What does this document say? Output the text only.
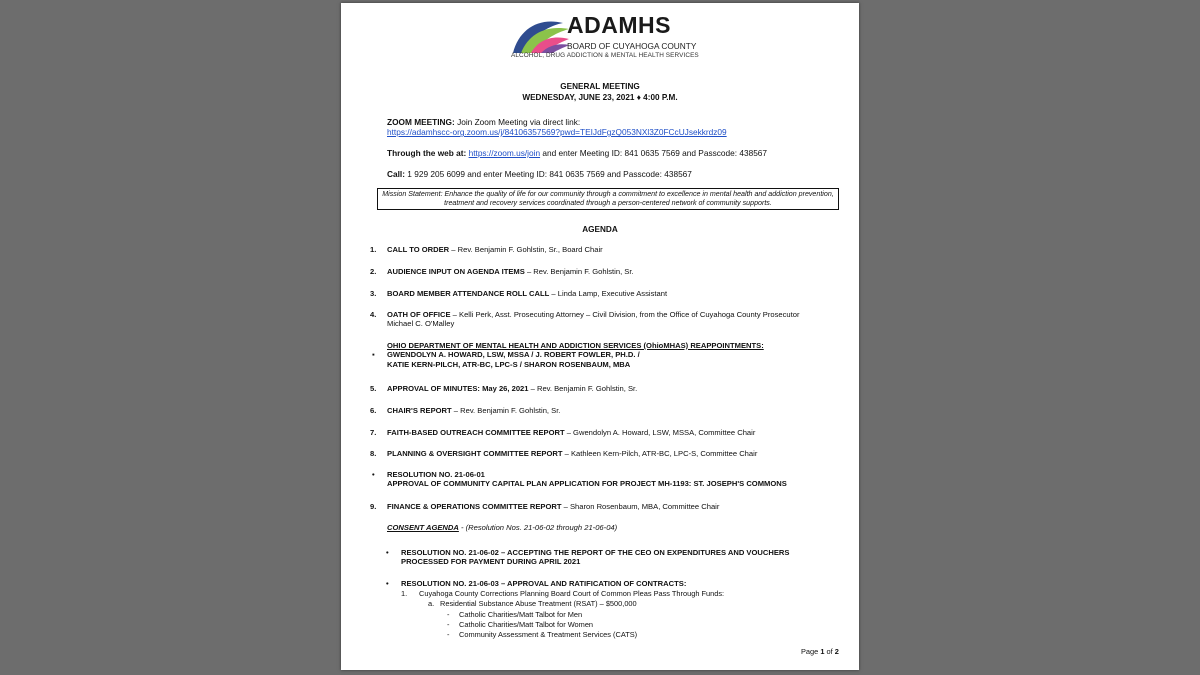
ADAMHS
BOARD OF CUYAHOGA COUNTY
ALCOHOL, DRUG ADDICTION & MENTAL HEALTH SERVICES
GENERAL MEETING
WEDNESDAY, JUNE 23, 2021 ♦ 4:00 P.M.
ZOOM MEETING: Join Zoom Meeting via direct link:
https://adamhscc-org.zoom.us/j/84106357569?pwd=TEIJdFgzQ053NXl3Z0FCcUJsekkrdz09
Through the web at: https://zoom.us/join and enter Meeting ID: 841 0635 7569 and Passcode: 438567
Call: 1 929 205 6099 and enter Meeting ID: 841 0635 7569 and Passcode: 438567
Mission Statement: Enhance the quality of life for our community through a commitment to excellence in mental health and addiction prevention, treatment and recovery services coordinated through a person-centered network of community supports.
AGENDA
1. CALL TO ORDER – Rev. Benjamin F. Gohlstin, Sr., Board Chair
2. AUDIENCE INPUT ON AGENDA ITEMS – Rev. Benjamin F. Gohlstin, Sr.
3. BOARD MEMBER ATTENDANCE ROLL CALL – Linda Lamp, Executive Assistant
4. OATH OF OFFICE – Kelli Perk, Asst. Prosecuting Attorney – Civil Division, from the Office of Cuyahoga County Prosecutor
Michael C. O'Malley
OHIO DEPARTMENT OF MENTAL HEALTH AND ADDICTION SERVICES (OhioMHAS) REAPPOINTMENTS:

▪ GWENDOLYN A. HOWARD, LSW, MSSA / J. ROBERT FOWLER, PH.D. /
KATIE KERN-PILCH, ATR-BC, LPC-S / SHARON ROSENBAUM, MBA
5. APPROVAL OF MINUTES: May 26, 2021 – Rev. Benjamin F. Gohlstin, Sr.
6. CHAIR'S REPORT – Rev. Benjamin F. Gohlstin, Sr.
7. FAITH-BASED OUTREACH COMMITTEE REPORT – Gwendolyn A. Howard, LSW, MSSA, Committee Chair
8. PLANNING & OVERSIGHT COMMITTEE REPORT – Kathleen Kern-Pilch, ATR-BC, LPC-S, Committee Chair
• RESOLUTION NO. 21-06-01
APPROVAL OF COMMUNITY CAPITAL PLAN APPLICATION FOR PROJECT MH-1193: ST. JOSEPH'S COMMONS
9. FINANCE & OPERATIONS COMMITTEE REPORT – Sharon Rosenbaum, MBA, Committee Chair
CONSENT AGENDA - (Resolution Nos. 21-06-02 through 21-06-04)
• RESOLUTION NO. 21-06-02 – ACCEPTING THE REPORT OF THE CEO ON EXPENDITURES AND VOUCHERS
PROCESSED FOR PAYMENT DURING APRIL 2021
• RESOLUTION NO. 21-06-03 – APPROVAL AND RATIFICATION OF CONTRACTS:
1. Cuyahoga County Corrections Planning Board Court of Common Pleas Pass Through Funds:
a. Residential Substance Abuse Treatment (RSAT) – $500,000
- Catholic Charities/Matt Talbot for Men
- Catholic Charities/Matt Talbot for Women
- Community Assessment & Treatment Services (CATS)
Page 1 of 2
